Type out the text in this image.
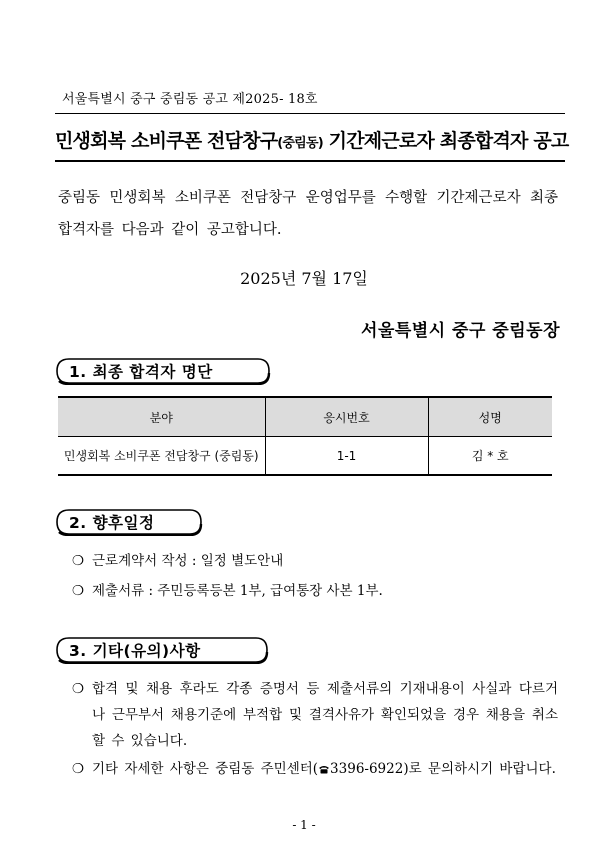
서울특별시 중구 중림동 공고 제2025- 18호
민생회복 소비쿠폰 전담창구(중림동) 기간제근로자 최종합격자 공고
중림동 민생회복 소비쿠폰 전담창구 운영업무를 수행할 기간제근로자 최종합격자를 다음과 같이 공고합니다.
2025년 7월 17일
서울특별시 중구 중림동장
1. 최종 합격자 명단
분야	응시번호	성명
민생회복 소비쿠폰 전담창구 (중림동)	1-1	김 * 호
2. 향후일정
❍ 근로계약서 작성 : 일정 별도안내
❍ 제출서류 : 주민등록등본 1부, 급여통장 사본 1부.
3. 기타(유의)사항
❍ 합격 및 채용 후라도 각종 증명서 등 제출서류의 기재내용이 사실과 다르거나 근무부서 채용기준에 부적합 및 결격사유가 확인되었을 경우 채용을 취소할 수 있습니다.
❍ 기타 자세한 사항은 중림동 주민센터( 3396-6922)로 문의하시기 바랍니다.
- 1 -
